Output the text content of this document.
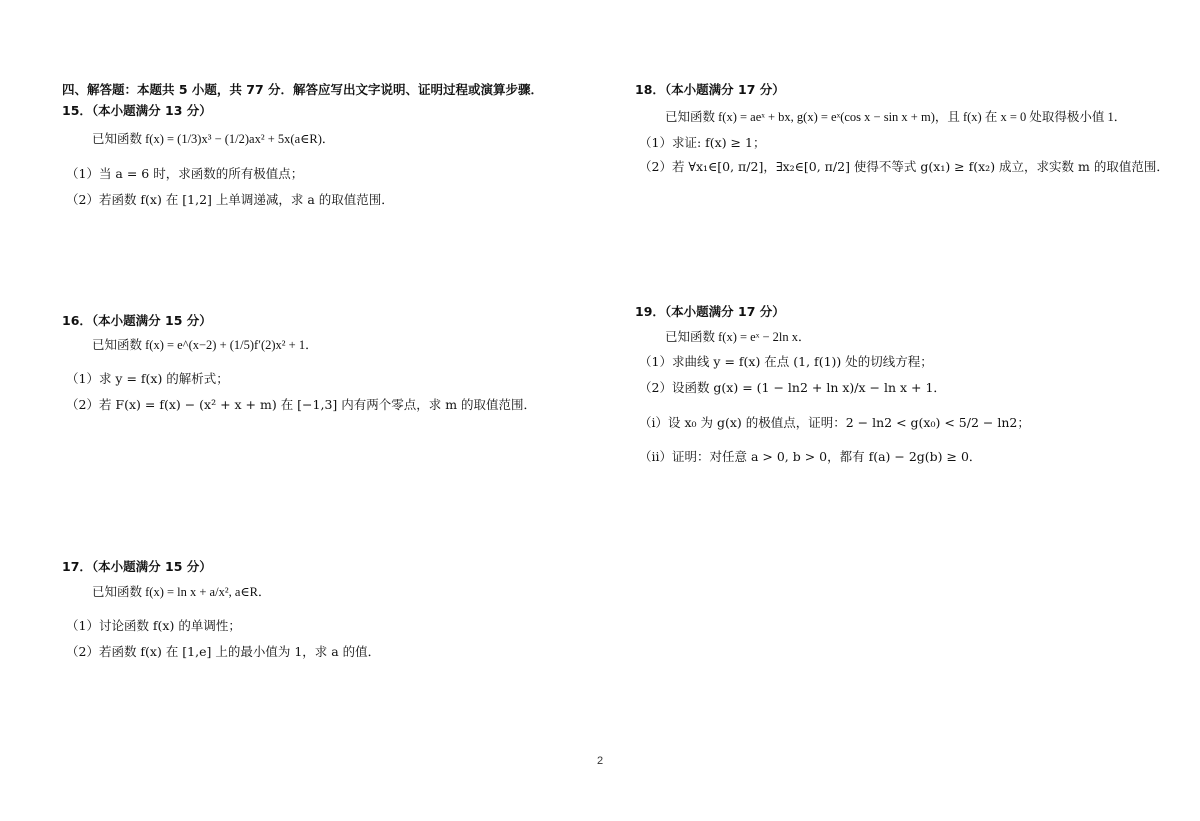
四、解答题：本题共 5 小题，共 77 分．解答应写出文字说明、证明过程或演算步骤．
15．（本小题满分 13 分）
已知函数 f(x) = (1/3)x³ − (1/2)ax² + 5x(a∈R)．
（1）当 a = 6 时，求函数的所有极值点；
（2）若函数 f(x) 在 [1,2] 上单调递减，求 a 的取值范围．
16．（本小题满分 15 分）
已知函数 f(x) = e^(x−2) + (1/5)f′(2)x² + 1．
（1）求 y = f(x) 的解析式；
（2）若 F(x) = f(x) − (x² + x + m) 在 [−1,3] 内有两个零点，求 m 的取值范围．
17．（本小题满分 15 分）
已知函数 f(x) = ln x + a/x², a∈R．
（1）讨论函数 f(x) 的单调性；
（2）若函数 f(x) 在 [1,e] 上的最小值为 1，求 a 的值．
18．（本小题满分 17 分）
已知函数 f(x) = aeˣ + bx, g(x) = eˣ(cos x − sin x + m)，且 f(x) 在 x = 0 处取得极小值 1．
（1）求证: f(x) ≥ 1；
（2）若 ∀x₁∈[0, π/2]，∃x₂∈[0, π/2] 使得不等式 g(x₁) ≥ f(x₂) 成立，求实数 m 的取值范围．
19．（本小题满分 17 分）
已知函数 f(x) = eˣ − 2ln x．
（1）求曲线 y = f(x) 在点 (1, f(1)) 处的切线方程；
（2）设函数 g(x) = (1 − ln2 + ln x)/x − ln x + 1．
（i）设 x₀ 为 g(x) 的极值点，证明：2 − ln2 < g(x₀) < 5/2 − ln2；
（ii）证明：对任意 a > 0, b > 0，都有 f(a) − 2g(b) ≥ 0．
2
